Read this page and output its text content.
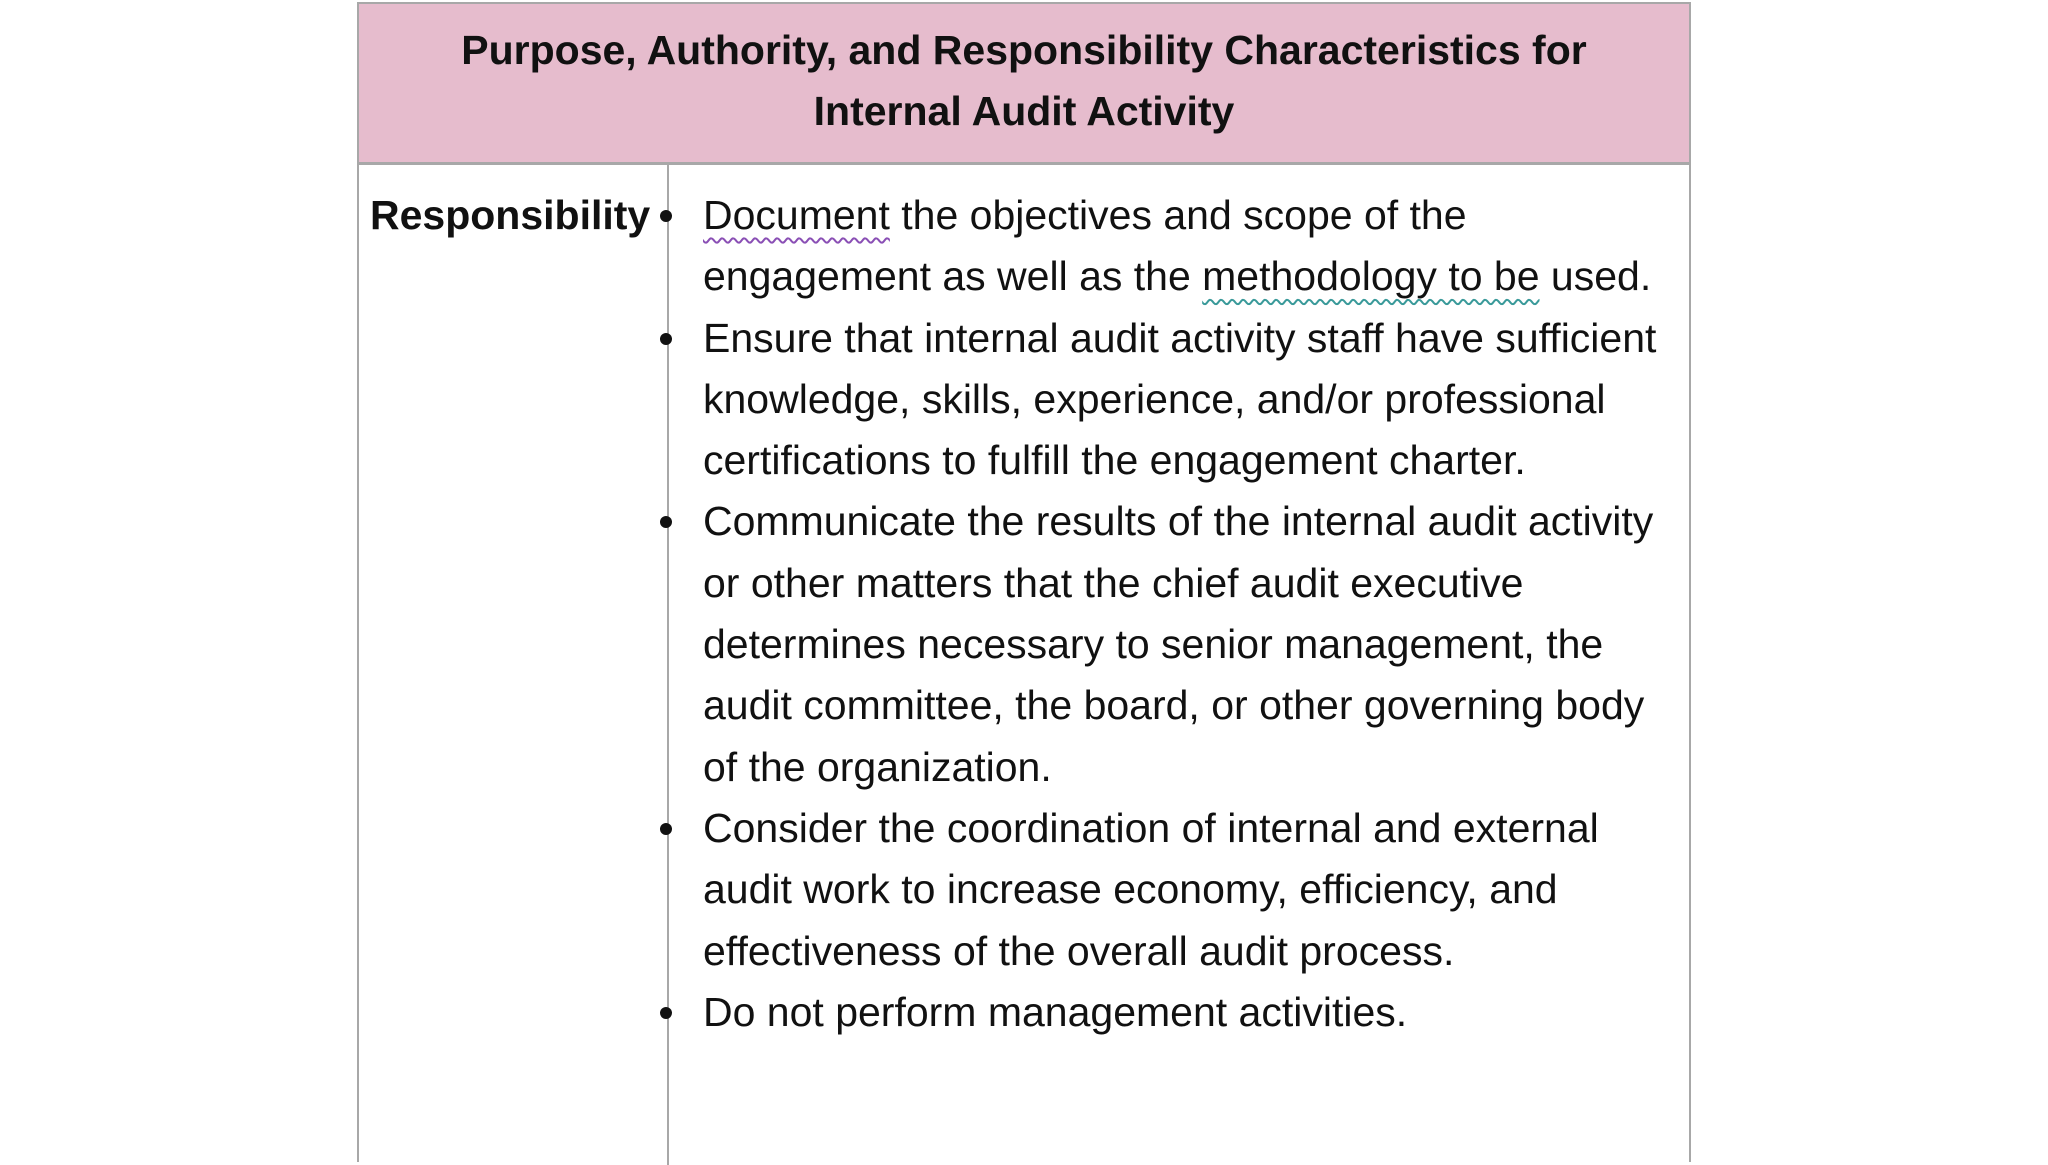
Purpose, Authority, and Responsibility Characteristics for Internal Audit Activity
Responsibility	Document the objectives and scope of the engagement as well as the methodology to be used.
Ensure that internal audit activity staff have sufficient knowledge, skills, experience, and/or professional certifications to fulfill the engagement charter.
Communicate the results of the internal audit activity or other matters that the chief audit executive determines necessary to senior management, the audit committee, the board, or other governing body of the organization.
Consider the coordination of internal and external audit work to increase economy, efficiency, and effectiveness of the overall audit process.
Do not perform management activities.
